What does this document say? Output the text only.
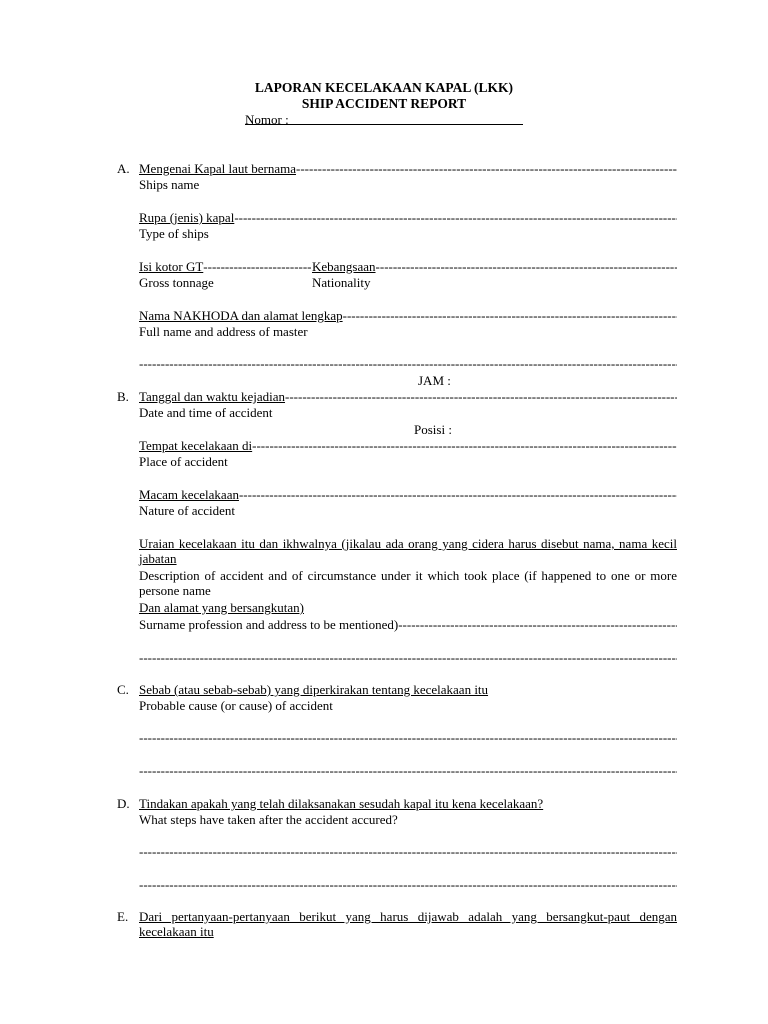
LAPORAN KECELAKAAN KAPAL (LKK)
SHIP ACCIDENT REPORT
Nomor :
A. Mengenai Kapal laut bernama
-----
Ships name
Rupa (jenis) kapal
-----
Type of ships
Isi kotor GT
-----	Kebangsaan
-----
Gross tonnage	Nationality
Nama NAKHODA dan alamat lengkap
-----
Full name and address of master
-----
JAM :
B. Tanggal dan waktu kejadian
-----
Date and time of accident
Posisi :
Tempat kecelakaan di
-----
Place of accident
Macam kecelakaan
-----
Nature of accident
Uraian kecelakaan itu dan ikhwalnya (jikalau ada orang yang cidera harus disebut nama, nama kecil jabatan
Description of accident and of circumstance under it which took place (if happened to one or more persone name
Dan alamat yang bersangkutan)
Surname profession and address to be mentioned)
-----
-----
C. Sebab (atau sebab-sebab) yang diperkirakan tentang kecelakaan itu
Probable cause (or cause) of accident
-----
-----
D. Tindakan apakah yang telah dilaksanakan sesudah kapal itu kena kecelakaan?
What steps have taken after the accident accured?
-----
-----
E. Dari pertanyaan-pertanyaan berikut yang harus dijawab adalah yang bersangkut-paut dengan kecelakaan itu
